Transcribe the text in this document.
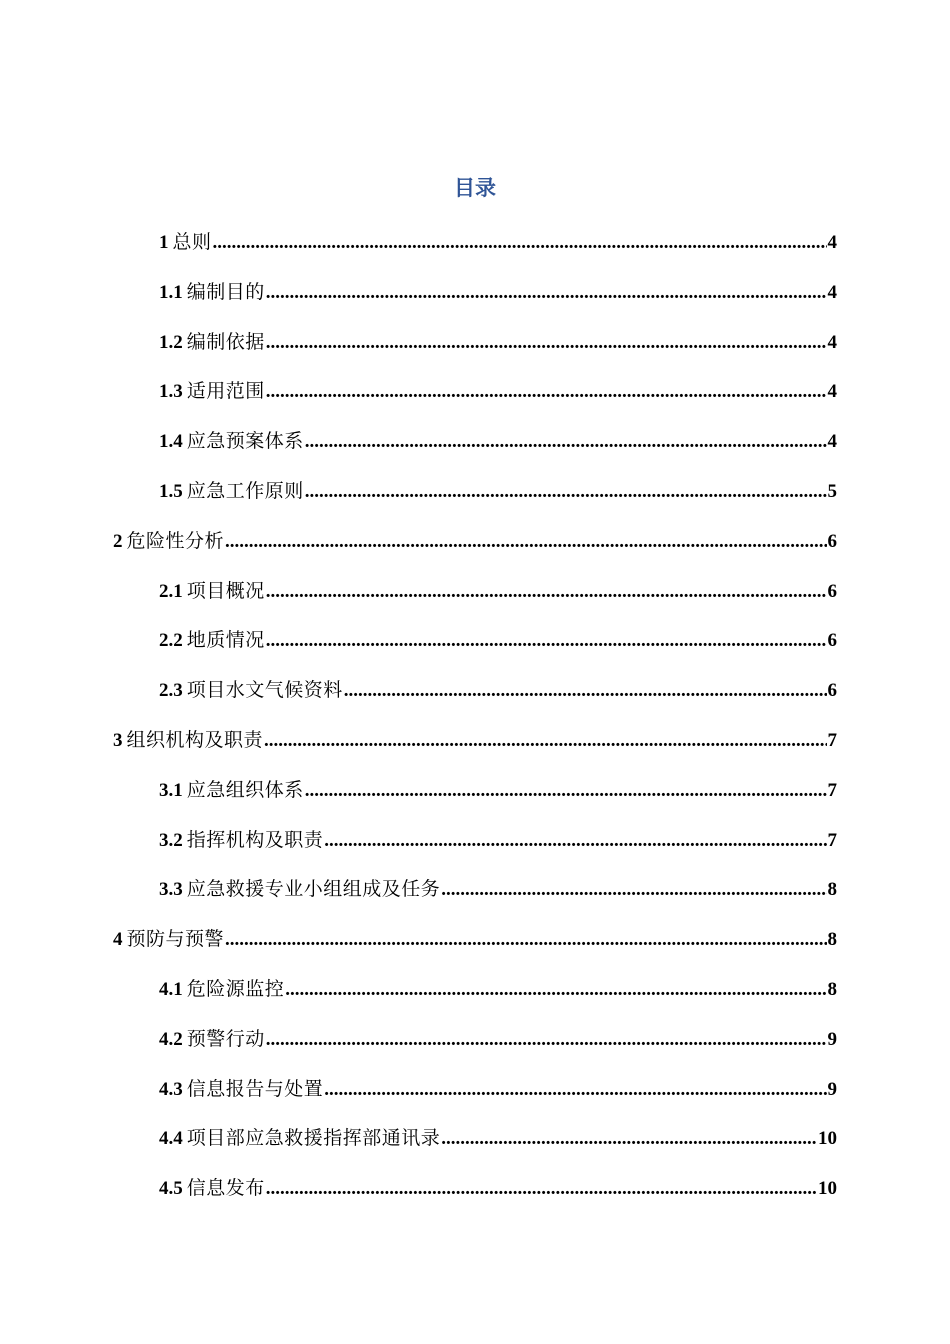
目录
1 总则 .....	4
1.1 编制目的 .....	4
1.2 编制依据 .....	4
1.3 适用范围 .....	4
1.4 应急预案体系 .....	4
1.5 应急工作原则 .....	5
2 危险性分析 .....	6
2.1 项目概况 .....	6
2.2 地质情况 .....	6
2.3 项目水文气候资料 .....	6
3 组织机构及职责 .....	7
3.1 应急组织体系 .....	7
3.2 指挥机构及职责 .....	7
3.3 应急救援专业小组组成及任务 .....	8
4 预防与预警 .....	8
4.1 危险源监控 .....	8
4.2 预警行动 .....	9
4.3 信息报告与处置 .....	9
4.4 项目部应急救援指挥部通讯录 .....	10
4.5 信息发布 .....	10
